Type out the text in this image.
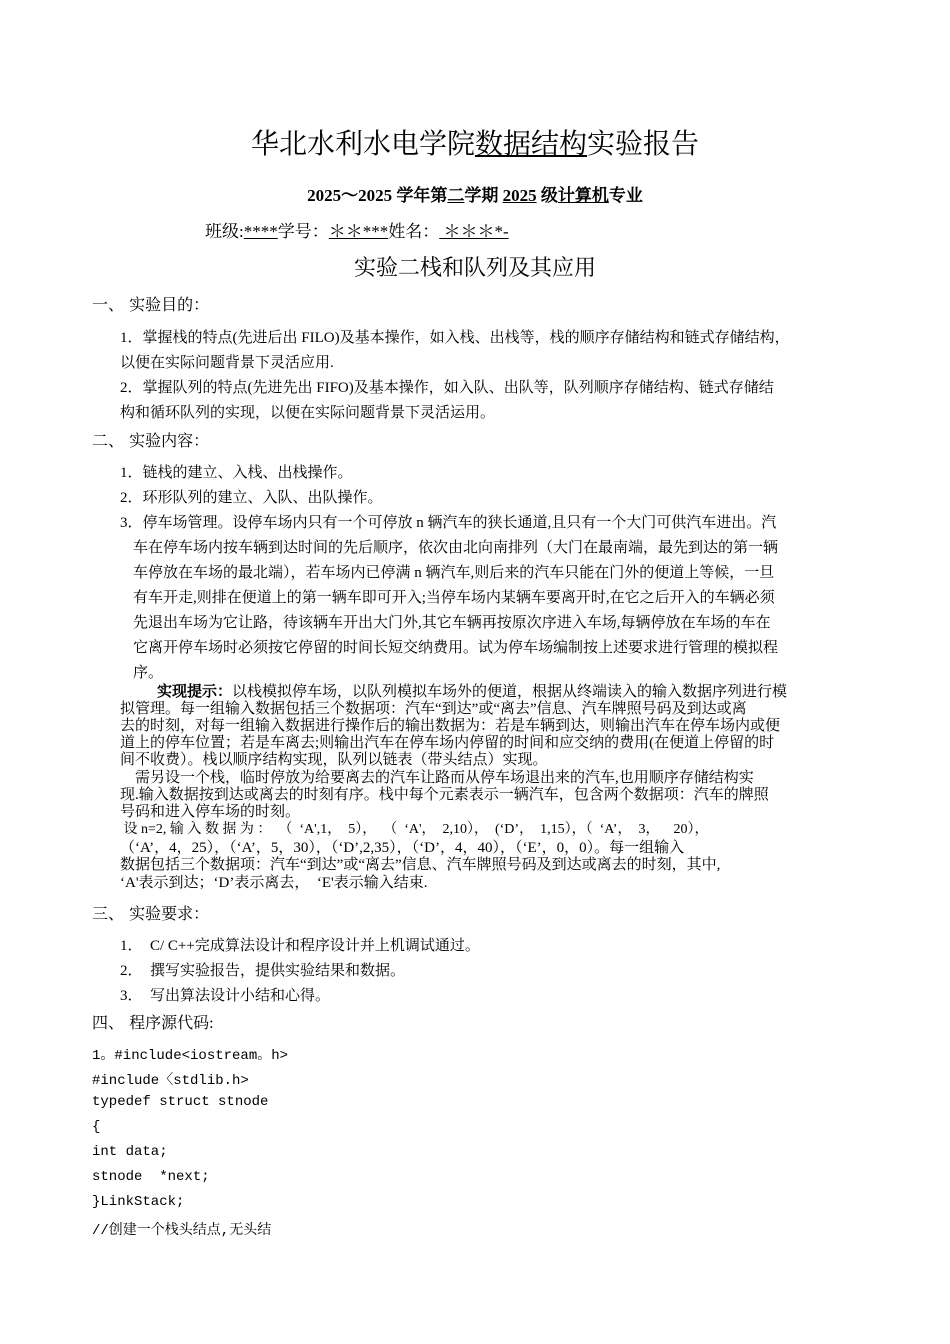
华北水利水电学院数据结构实验报告
2025～2025 学年第二学期 2025 级计算机专业
班级:****学号：＊＊***姓名： ＊＊＊*-
实验二栈和队列及其应用
一、 实验目的：
1．掌握栈的特点(先进后出 FILO)及基本操作，如入栈、出栈等，栈的顺序存储结构和链式存储结构，
以便在实际问题背景下灵活应用.
2．掌握队列的特点(先进先出 FIFO)及基本操作，如入队、出队等，队列顺序存储结构、链式存储结
构和循环队列的实现，以便在实际问题背景下灵活运用。
二、 实验内容：
1．链栈的建立、入栈、出栈操作。
2．环形队列的建立、入队、出队操作。
3．停车场管理。设停车场内只有一个可停放 n 辆汽车的狭长通道,且只有一个大门可供汽车进出。汽
车在停车场内按车辆到达时间的先后顺序，依次由北向南排列（大门在最南端，最先到达的第一辆
车停放在车场的最北端），若车场内已停满 n 辆汽车,则后来的汽车只能在门外的便道上等候，一旦
有车开走,则排在便道上的第一辆车即可开入;当停车场内某辆车要离开时,在它之后开入的车辆必须
先退出车场为它让路，待该辆车开出大门外,其它车辆再按原次序进入车场,每辆停放在车场的车在
它离开停车场时必须按它停留的时间长短交纳费用。试为停车场编制按上述要求进行管理的模拟程
序。
实现提示：以栈模拟停车场，以队列模拟车场外的便道，根据从终端读入的输入数据序列进行模
拟管理。每一组输入数据包括三个数据项：汽车“到达”或“离去”信息、汽车牌照号码及到达或离
去的时刻，对每一组输入数据进行操作后的输出数据为：若是车辆到达，则输出汽车在停车场内或便
道上的停车位置；若是车离去;则输出汽车在停车场内停留的时间和应交纳的费用(在便道上停留的时
间不收费）。栈以顺序结构实现，队列以链表（带头结点）实现。
需另设一个栈，临时停放为给要离去的汽车让路而从停车场退出来的汽车,也用顺序存储结构实
现.输入数据按到达或离去的时刻有序。栈中每个元素表示一辆汽车，包含两个数据项：汽车的牌照
号码和进入停车场的时刻。
设 n=2, 输 入 数 据 为 ：  （  ‘A',1，  5），  （  ‘A'，  2,10），  (‘D’，  1,15），（  ‘A’，  3，    20），
（‘A’，4，25），（‘A’，5，30），（‘D’,2,35），（‘D’，4，40），（‘E’，0，0）。每一组输入
数据包括三个数据项：汽车“到达”或“离去”信息、汽车牌照号码及到达或离去的时刻，其中,
‘A'表示到达；‘D’表示离去，  ‘E'表示输入结束.
三、 实验要求：
1．  C/ C++完成算法设计和程序设计并上机调试通过。
2．  撰写实验报告，提供实验结果和数据。
3．  写出算法设计小结和心得。
四、 程序源代码:
1。#include<iostream。h>
#include〈stdlib.h>
typedef struct stnode
{
int data;
stnode  *next;
}LinkStack;
//创建一个栈头结点,无头结
